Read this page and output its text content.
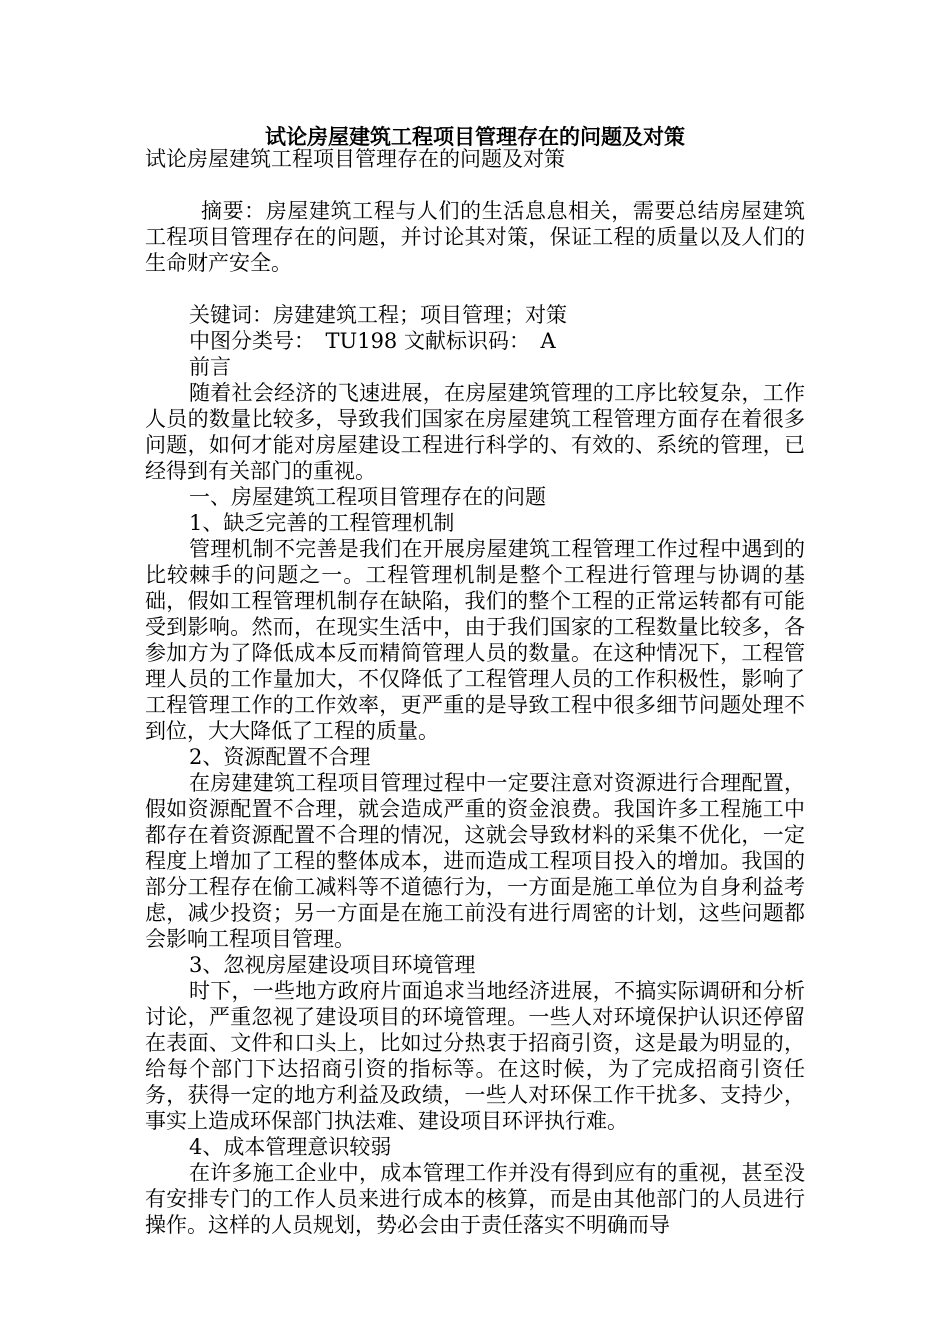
试论房屋建筑工程项目管理存在的问题及对策
试论房屋建筑工程项目管理存在的问题及对策

摘要：房屋建筑工程与人们的生活息息相关，需要总结房屋建筑工程项目管理存在的问题，并讨论其对策，保证工程的质量以及人们的生命财产安全。

关键词：房建建筑工程；项目管理；对策
中图分类号：　TU198 文献标识码：　A
前言

随着社会经济的飞速进展，在房屋建筑管理的工序比较复杂，工作人员的数量比较多，导致我们国家在房屋建筑工程管理方面存在着很多问题，如何才能对房屋建设工程进行科学的、有效的、系统的管理，已经得到有关部门的重视。

一、房屋建筑工程项目管理存在的问题
1、缺乏完善的工程管理机制

管理机制不完善是我们在开展房屋建筑工程管理工作过程中遇到的比较棘手的问题之一。工程管理机制是整个工程进行管理与协调的基础，假如工程管理机制存在缺陷，我们的整个工程的正常运转都有可能受到影响。然而，在现实生活中，由于我们国家的工程数量比较多，各参加方为了降低成本反而精简管理人员的数量。在这种情况下，工程管理人员的工作量加大，不仅降低了工程管理人员的工作积极性，影响了工程管理工作的工作效率，更严重的是导致工程中很多细节问题处理不到位，大大降低了工程的质量。

2、资源配置不合理

在房建建筑工程项目管理过程中一定要注意对资源进行合理配置，假如资源配置不合理，就会造成严重的资金浪费。我国许多工程施工中都存在着资源配置不合理的情况，这就会导致材料的采集不优化，一定程度上增加了工程的整体成本，进而造成工程项目投入的增加。我国的部分工程存在偷工减料等不道德行为，一方面是施工单位为自身利益考虑，减少投资；另一方面是在施工前没有进行周密的计划，这些问题都会影响工程项目管理。

3、忽视房屋建设项目环境管理

时下，一些地方政府片面追求当地经济进展，不搞实际调研和分析讨论，严重忽视了建设项目的环境管理。一些人对环境保护认识还停留在表面、文件和口头上，比如过分热衷于招商引资，这是最为明显的，给每个部门下达招商引资的指标等。在这时候，为了完成招商引资任务，获得一定的地方利益及政绩，一些人对环保工作干扰多、支持少，事实上造成环保部门执法难、建设项目环评执行难。

4、成本管理意识较弱

在许多施工企业中，成本管理工作并没有得到应有的重视，甚至没有安排专门的工作人员来进行成本的核算，而是由其他部门的人员进行操作。这样的人员规划，势必会由于责任落实不明确而导
